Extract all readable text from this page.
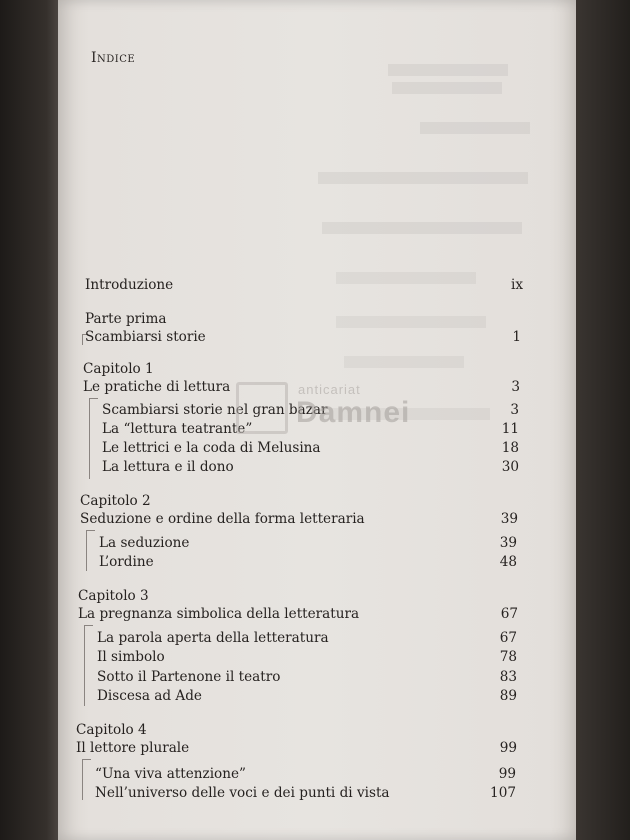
Indice
Introduzione	ix
Parte prima
Scambiarsi storie	1
Capitolo 1
Le pratiche di lettura	3
Scambiarsi storie nel gran bazar	3
La “lettura teatrante”	11
Le lettrici e la coda di Melusina	18
La lettura e il dono	30
Capitolo 2
Seduzione e ordine della forma letteraria	39
La seduzione	39
L’ordine	48
Capitolo 3
La pregnanza simbolica della letteratura	67
La parola aperta della letteratura	67
Il simbolo	78
Sotto il Partenone il teatro	83
Discesa ad Ade	89
Capitolo 4
Il lettore plurale	99
“Una viva attenzione”	99
Nell’universo delle voci e dei punti di vista	107
anticariat
Damnei
